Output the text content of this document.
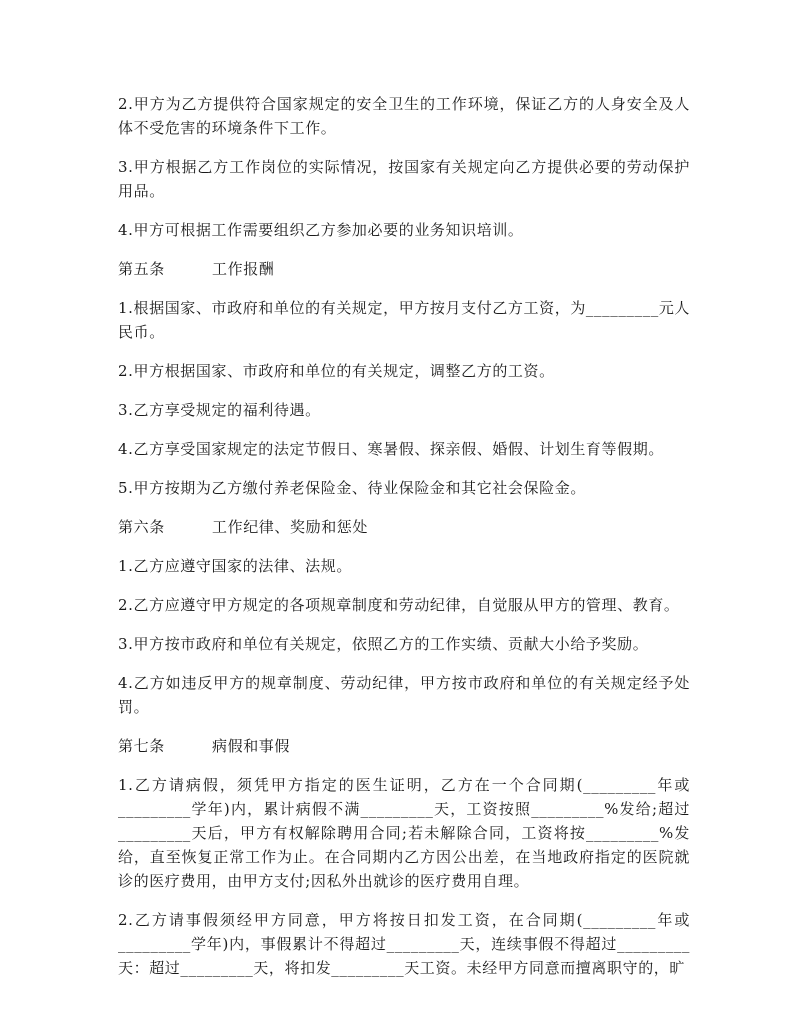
2.甲方为乙方提供符合国家规定的安全卫生的工作环境，保证乙方的人身安全及人体不受危害的环境条件下工作。

3.甲方根据乙方工作岗位的实际情况，按国家有关规定向乙方提供必要的劳动保护用品。

4.甲方可根据工作需要组织乙方参加必要的业务知识培训。

第五条	工作报酬

1.根据国家、市政府和单位的有关规定，甲方按月支付乙方工资，为_________元人民币。

2.甲方根据国家、市政府和单位的有关规定，调整乙方的工资。

3.乙方享受规定的福利待遇。

4.乙方享受国家规定的法定节假日、寒暑假、探亲假、婚假、计划生育等假期。

5.甲方按期为乙方缴付养老保险金、待业保险金和其它社会保险金。

第六条	工作纪律、奖励和惩处

1.乙方应遵守国家的法律、法规。

2.乙方应遵守甲方规定的各项规章制度和劳动纪律，自觉服从甲方的管理、教育。

3.甲方按市政府和单位有关规定，依照乙方的工作实绩、贡献大小给予奖励。

4.乙方如违反甲方的规章制度、劳动纪律，甲方按市政府和单位的有关规定经予处罚。

第七条	病假和事假

1.乙方请病假，须凭甲方指定的医生证明，乙方在一个合同期(_________年或_________学年)内，累计病假不满_________天，工资按照_________%发给;超过_________天后，甲方有权解除聘用合同;若未解除合同，工资将按_________%发给，直至恢复正常工作为止。在合同期内乙方因公出差，在当地政府指定的医院就诊的医疗费用，由甲方支付;因私外出就诊的医疗费用自理。

2.乙方请事假须经甲方同意，甲方将按日扣发工资，在合同期(_________年或_________学年)内，事假累计不得超过_________天，连续事假不得超过_________天：超过_________天，将扣发_________天工资。未经甲方同意而擅离职守的，旷
